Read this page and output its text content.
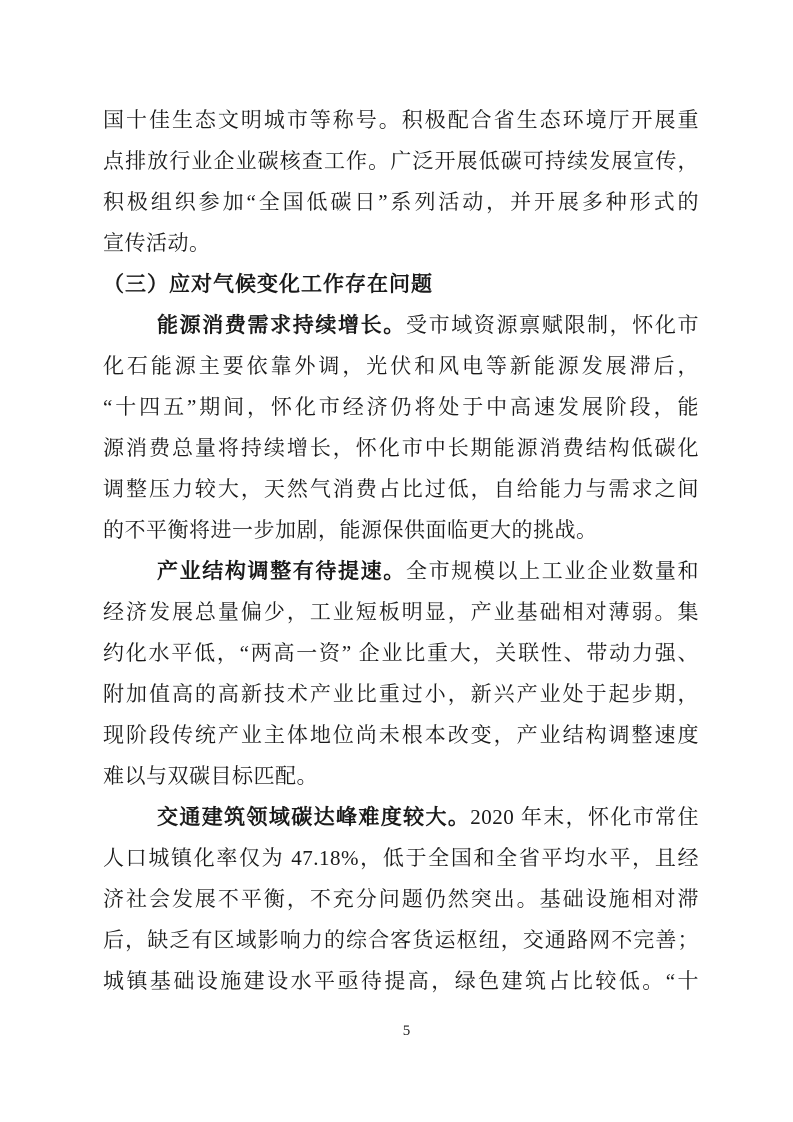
国十佳生态文明城市等称号。积极配合省生态环境厅开展重
点排放行业企业碳核查工作。广泛开展低碳可持续发展宣传，
积极组织参加“全国低碳日”系列活动，并开展多种形式的
宣传活动。
（三）应对气候变化工作存在问题
能源消费需求持续增长。受市域资源禀赋限制，怀化市
化石能源主要依靠外调，光伏和风电等新能源发展滞后，
“十四五”期间，怀化市经济仍将处于中高速发展阶段，能
源消费总量将持续增长，怀化市中长期能源消费结构低碳化
调整压力较大，天然气消费占比过低，自给能力与需求之间
的不平衡将进一步加剧，能源保供面临更大的挑战。
产业结构调整有待提速。全市规模以上工业企业数量和
经济发展总量偏少，工业短板明显，产业基础相对薄弱。集
约化水平低，“两高一资” 企业比重大，关联性、带动力强、
附加值高的高新技术产业比重过小，新兴产业处于起步期，
现阶段传统产业主体地位尚未根本改变，产业结构调整速度
难以与双碳目标匹配。
交通建筑领域碳达峰难度较大。2020 年末，怀化市常住
人口城镇化率仅为 47.18%，低于全国和全省平均水平，且经
济社会发展不平衡，不充分问题仍然突出。基础设施相对滞
后，缺乏有区域影响力的综合客货运枢纽，交通路网不完善；
城镇基础设施建设水平亟待提高，绿色建筑占比较低。“十
5
